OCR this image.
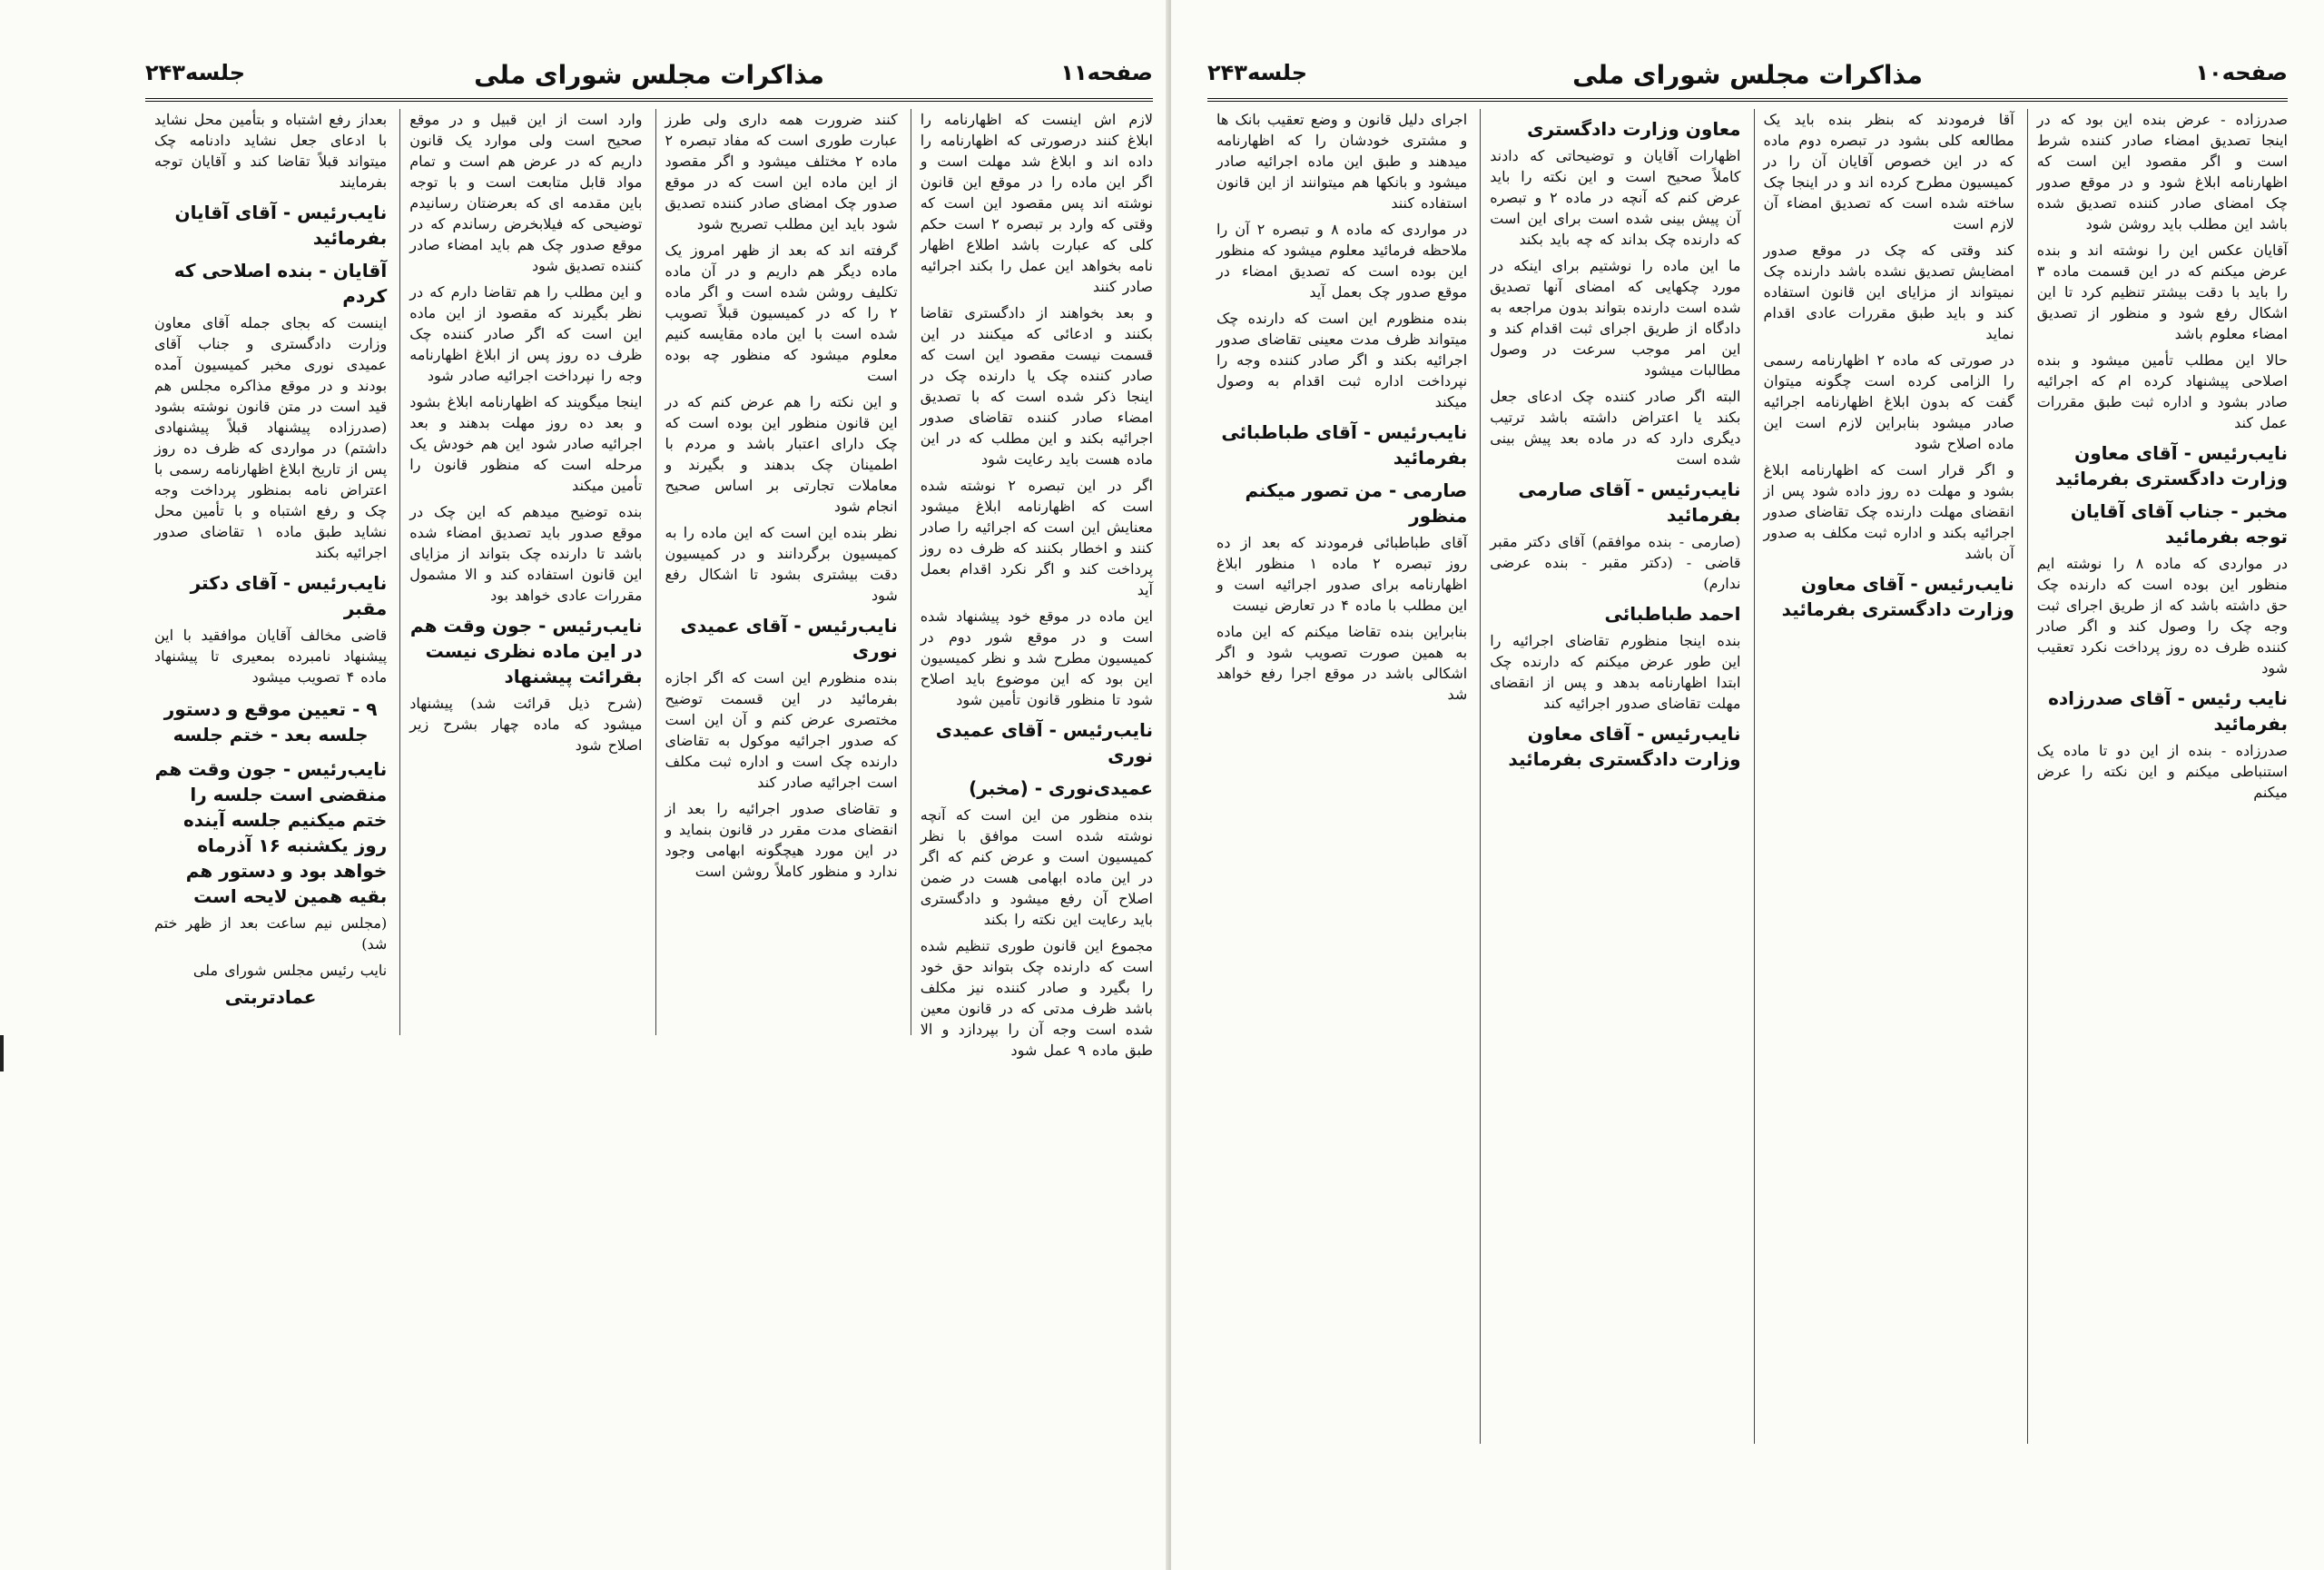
صفحه۱۱
مذاکرات مجلس شورای ملی
جلسه۲۴۳
لازم اش اینست که اظهارنامه را ابلاغ کنند درصورتی که اظهارنامه را داده اند و ابلاغ شد مهلت است و اگر این ماده را در موقع این قانون نوشته اند پس مقصود این است که وقتی که وارد بر تبصره ۲ است حکم کلی که عبارت باشد اطلاع اظهار نامه بخواهد این عمل را بکند اجرائیه صادر کنند
و بعد بخواهند از دادگستری تقاضا بکنند و ادعائی که میکنند در این قسمت نیست مقصود این است که صادر کننده چک یا دارنده چک در اینجا ذکر شده است که با تصدیق امضاء صادر کننده تقاضای صدور اجرائیه بکند و این مطلب که در این ماده هست باید رعایت شود
اگر در این تبصره ۲ نوشته شده است که اظهارنامه ابلاغ میشود معنایش این است که اجرائیه را صادر کنند و اخطار بکنند که ظرف ده روز پرداخت کند و اگر نکرد اقدام بعمل آید
این ماده در موقع خود پیشنهاد شده است و در موقع شور دوم در کمیسیون مطرح شد و نظر کمیسیون این بود که این موضوع باید اصلاح شود تا منظور قانون تأمین شود
نایب‌رئیس - آقای عمیدی نوری
عمیدی‌نوری - (مخبر)
بنده منظور من این است که آنچه نوشته شده است موافق با نظر کمیسیون است و عرض کنم که اگر در این ماده ابهامی هست در ضمن اصلاح آن رفع میشود و دادگستری باید رعایت این نکته را بکند
مجموع این قانون طوری تنظیم شده است که دارنده چک بتواند حق خود را بگیرد و صادر کننده نیز مکلف باشد ظرف مدتی که در قانون معین شده است وجه آن را بپردازد و الا طبق ماده ۹ عمل شود
کنند ضرورت همه داری ولی طرز عبارت طوری است که مفاد تبصره ۲ ماده ۲ مختلف میشود و اگر مقصود از این ماده این است که در موقع صدور چک امضای صادر کننده تصدیق شود باید این مطلب تصریح شود
گرفته اند که بعد از ظهر امروز یک ماده دیگر هم داریم و در آن ماده تکلیف روشن شده است و اگر ماده ۲ را که در کمیسیون قبلاً تصویب شده است با این ماده مقایسه کنیم معلوم میشود که منظور چه بوده است
و این نکته را هم عرض کنم که در این قانون منظور این بوده است که چک دارای اعتبار باشد و مردم با اطمینان چک بدهند و بگیرند و معاملات تجارتی بر اساس صحیح انجام شود
نظر بنده این است که این ماده را به کمیسیون برگردانند و در کمیسیون دقت بیشتری بشود تا اشکال رفع شود
نایب‌رئیس - آقای عمیدی نوری
بنده منظورم این است که اگر اجازه بفرمائید در این قسمت توضیح مختصری عرض کنم و آن این است که صدور اجرائیه موکول به تقاضای دارنده چک است و اداره ثبت مکلف است اجرائیه صادر کند
و تقاضای صدور اجرائیه را بعد از انقضای مدت مقرر در قانون بنماید و در این مورد هیچگونه ابهامی وجود ندارد و منظور کاملاً روشن است
وارد است از این قبیل و در موقع صحیح است ولی موارد یک قانون داریم که در عرض هم است و تمام مواد قابل متابعت است و با توجه باین مقدمه ای که بعرضتان رسانیدم توضیحی که فیلابخرض رساندم که در موقع صدور چک هم باید امضاء صادر کننده تصدیق شود
و این مطلب را هم تقاضا دارم که در نظر بگیرند که مقصود از این ماده این است که اگر صادر کننده چک ظرف ده روز پس از ابلاغ اظهارنامه وجه را نپرداخت اجرائیه صادر شود
اینجا میگویند که اظهارنامه ابلاغ بشود و بعد ده روز مهلت بدهند و بعد اجرائیه صادر شود این هم خودش یک مرحله است که منظور قانون را تأمین میکند
بنده توضیح میدهم که این چک در موقع صدور باید تصدیق امضاء شده باشد تا دارنده چک بتواند از مزایای این قانون استفاده کند و الا مشمول مقررات عادی خواهد بود
نایب‌رئیس - جون وقت هم در این ماده نظری نیست بقرائت پیشنهاد
(شرح ذیل قرائت شد) پیشنهاد میشود که ماده چهار بشرح زیر اصلاح شود
بعداز رفع اشتباه و بتأمین محل نشاید با ادعای جعل نشاید دادنامه چک میتواند قبلاً تقاضا کند و آقایان توجه بفرمایند
نایب‌رئیس - آقای آقایان بفرمائید
آقایان - بنده اصلاحی که کردم
اینست که بجای جمله آقای معاون وزارت دادگستری و جناب آقای عمیدی نوری مخبر کمیسیون آمده بودند و در موقع مذاکره مجلس هم قید است در متن قانون نوشته بشود (صدرزاده پیشنهاد قبلاً پیشنهادی داشتم) در مواردی که ظرف ده روز پس از تاریخ ابلاغ اظهارنامه رسمی با اعتراض نامه بمنظور پرداخت وجه چک و رفع اشتباه و با تأمین محل نشاید طبق ماده ۱ تقاضای صدور اجرائیه بکند
نایب‌رئیس - آقای دکتر مقبر
قاضی مخالف آقایان موافقید با این پیشنهاد نامبرده بمعیری تا پیشنهاد ماده ۴ تصویب میشود
۹ - تعیین موقع و دستور جلسه بعد - ختم جلسه
نایب‌رئیس - جون وقت هم منقضی است جلسه را ختم میکنیم جلسه آینده روز یکشنبه ۱۶ آذرماه خواهد بود و دستور هم بقیه همین لایحه است
(مجلس نیم ساعت بعد از ظهر ختم شد)
نایب رئیس مجلس شورای ملی
عمادتربتی
صفحه۱۰
مذاکرات مجلس شورای ملی
جلسه۲۴۳
صدرزاده - عرض بنده این بود که در اینجا تصدیق امضاء صادر کننده شرط است و اگر مقصود این است که اظهارنامه ابلاغ شود و در موقع صدور چک امضای صادر کننده تصدیق شده باشد این مطلب باید روشن شود
آقایان عکس این را نوشته اند و بنده عرض میکنم که در این قسمت ماده ۳ را باید با دقت بیشتر تنظیم کرد تا این اشکال رفع شود و منظور از تصدیق امضاء معلوم باشد
حالا این مطلب تأمین میشود و بنده اصلاحی پیشنهاد کرده ام که اجرائیه صادر بشود و اداره ثبت طبق مقررات عمل کند
نایب‌رئیس - آقای معاون وزارت دادگستری بفرمائید
مخبر - جناب آقای آقایان توجه بفرمائید
در مواردی که ماده ۸ را نوشته ایم منظور این بوده است که دارنده چک حق داشته باشد که از طریق اجرای ثبت وجه چک را وصول کند و اگر صادر کننده ظرف ده روز پرداخت نکرد تعقیب شود
نایب رئیس - آقای صدرزاده بفرمائید
صدرزاده - بنده از این دو تا ماده یک استنباطی میکنم و این نکته را عرض میکنم
آقا فرمودند که بنظر بنده باید یک مطالعه کلی بشود در تبصره دوم ماده که در این خصوص آقایان آن را در کمیسیون مطرح کرده اند و در اینجا چک ساخته شده است که تصدیق امضاء آن لازم است
کند وقتی که چک در موقع صدور امضایش تصدیق نشده باشد دارنده چک نمیتواند از مزایای این قانون استفاده کند و باید طبق مقررات عادی اقدام نماید
در صورتی که ماده ۲ اظهارنامه رسمی را الزامی کرده است چگونه میتوان گفت که بدون ابلاغ اظهارنامه اجرائیه صادر میشود بنابراین لازم است این ماده اصلاح شود
و اگر قرار است که اظهارنامه ابلاغ بشود و مهلت ده روز داده شود پس از انقضای مهلت دارنده چک تقاضای صدور اجرائیه بکند و اداره ثبت مکلف به صدور آن باشد
نایب‌رئیس - آقای معاون وزارت دادگستری بفرمائید
معاون وزارت دادگستری
اظهارات آقایان و توضیحاتی که دادند کاملاً صحیح است و این نکته را باید عرض کنم که آنچه در ماده ۲ و تبصره آن پیش بینی شده است برای این است که دارنده چک بداند که چه باید بکند
ما این ماده را نوشتیم برای اینکه در مورد چکهایی که امضای آنها تصدیق شده است دارنده بتواند بدون مراجعه به دادگاه از طریق اجرای ثبت اقدام کند و این امر موجب سرعت در وصول مطالبات میشود
البته اگر صادر کننده چک ادعای جعل بکند یا اعتراض داشته باشد ترتیب دیگری دارد که در ماده بعد پیش بینی شده است
نایب‌رئیس - آقای صارمی بفرمائید
(صارمی - بنده موافقم) آقای دکتر مقبر قاضی - (دکتر مقبر - بنده عرضی ندارم)
احمد طباطبائی
بنده اینجا منظورم تقاضای اجرائیه را این طور عرض میکنم که دارنده چک ابتدا اظهارنامه بدهد و پس از انقضای مهلت تقاضای صدور اجرائیه کند
نایب‌رئیس - آقای معاون وزارت دادگستری بفرمائید
اجرای دلیل قانون و وضع تعقیب بانک ها و مشتری خودشان را که اظهارنامه میدهند و طبق این ماده اجرائیه صادر میشود و بانکها هم میتوانند از این قانون استفاده کنند
در مواردی که ماده ۸ و تبصره ۲ آن را ملاحظه فرمائید معلوم میشود که منظور این بوده است که تصدیق امضاء در موقع صدور چک بعمل آید
بنده منظورم این است که دارنده چک میتواند ظرف مدت معینی تقاضای صدور اجرائیه بکند و اگر صادر کننده وجه را نپرداخت اداره ثبت اقدام به وصول میکند
نایب‌رئیس - آقای طباطبائی بفرمائید
صارمی - من تصور میکنم منظور
آقای طباطبائی فرمودند که بعد از ده روز تبصره ۲ ماده ۱ منظور ابلاغ اظهارنامه برای صدور اجرائیه است و این مطلب با ماده ۴ در تعارض نیست
بنابراین بنده تقاضا میکنم که این ماده به همین صورت تصویب شود و اگر اشکالی باشد در موقع اجرا رفع خواهد شد
